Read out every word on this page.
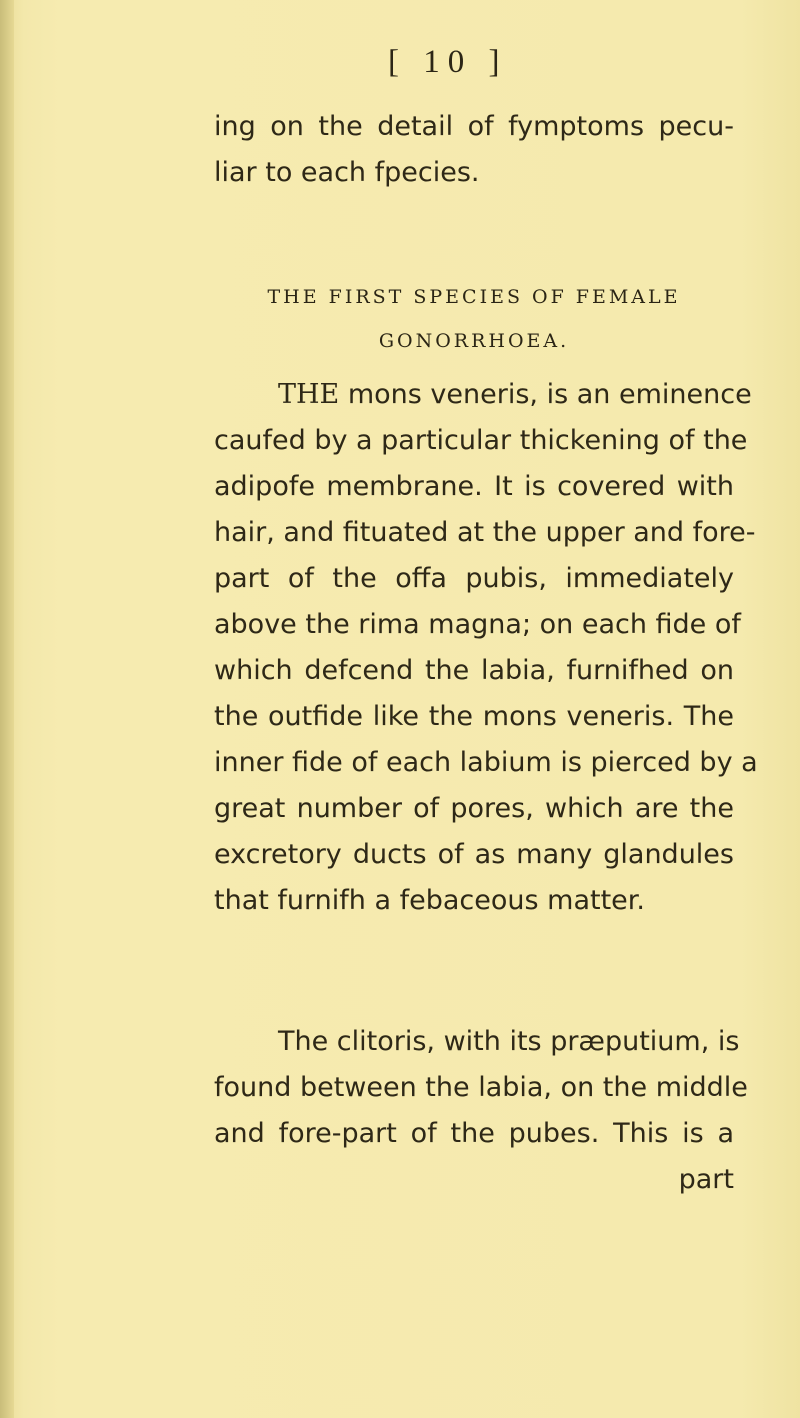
[ 10 ]
ing on the detail of fymptoms pecu-
liar to each fpecies.
THE FIRST SPECIES OF FEMALE
GONORRHOEA.
THE mons veneris, is an eminence
caufed by a particular thickening of the
adipofe membrane. It is covered with
hair, and fituated at the upper and fore-
part of the offa pubis, immediately
above the rima magna; on each fide of
which defcend the labia, furnifhed on
the outfide like the mons veneris. The
inner fide of each labium is pierced by a
great number of pores, which are the
excretory ducts of as many glandules
that furnifh a febaceous matter.
The clitoris, with its præputium, is
found between the labia, on the middle
and fore-part of the pubes. This is a
part
